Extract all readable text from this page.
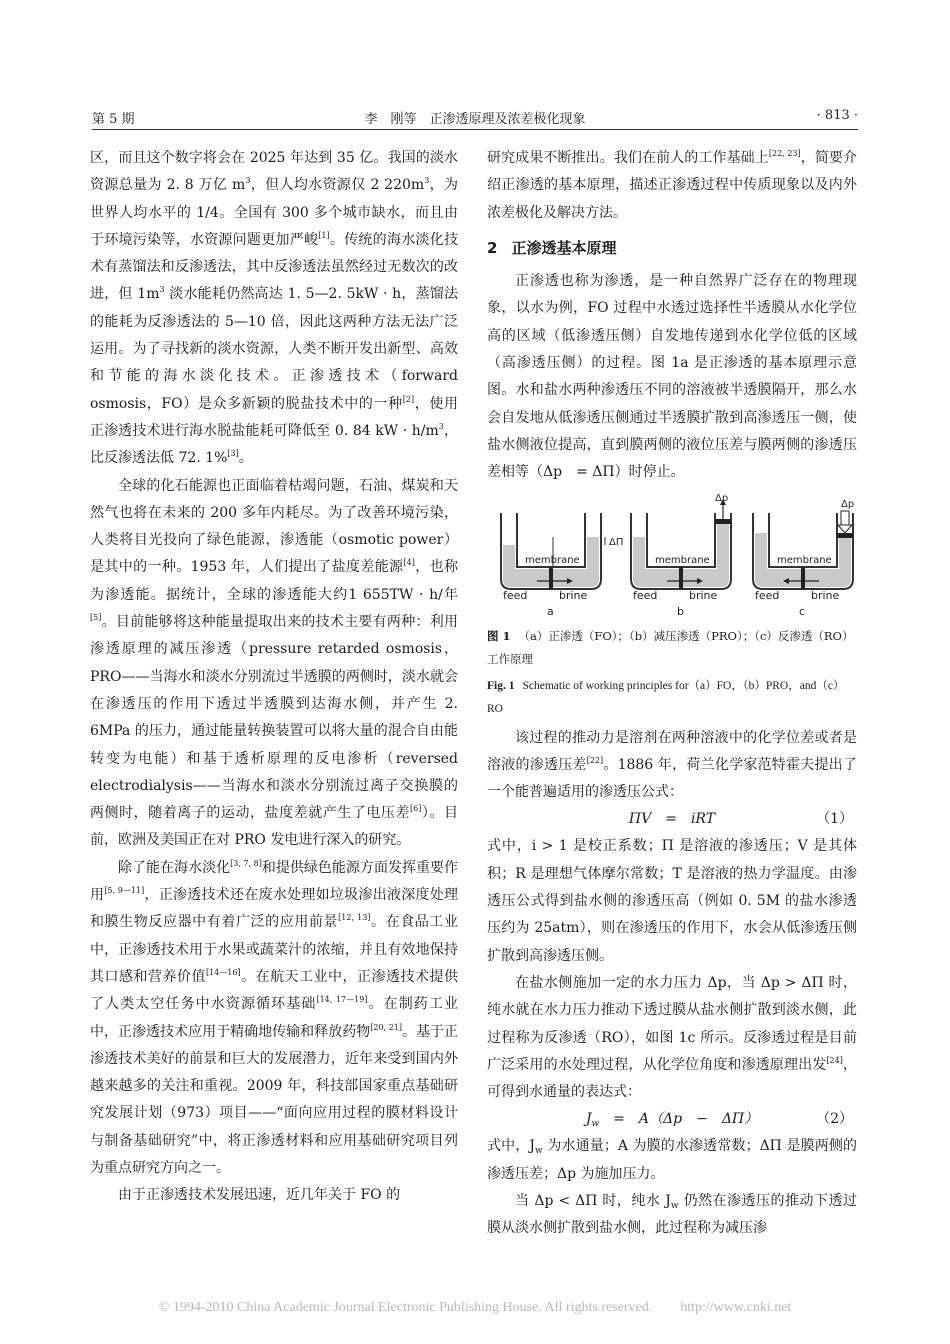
第 5 期	李　刚等　正渗透原理及浓差极化现象	· 813 ·

区，而且这个数字将会在 2025 年达到 35 亿。我国的淡水资源总量为 2. 8 万亿 $m^3$，但人均水资源仅 2 $220m^3$，为世界人均水平的 1/4。全国有 300 多个城市缺水，而且由于环境污染等，水资源问题更加严峻[1]。传统的海水淡化技术有蒸馏法和反渗透法，其中反渗透法虽然经过无数次的改进，但 $1m^3$ 淡水能耗仍然高达 1. 5—2. 5kW · h，蒸馏法的能耗为反渗透法的 5—10 倍，因此这两种方法无法广泛运用。为了寻找新的淡水资源，人类不断开发出新型、高效和节能的海水淡化技术。正渗透技术（forward osmosis，FO）是众多新颖的脱盐技术中的一种[2]，使用正渗透技术进行海水脱盐能耗可降低至 0. 84 kW · $h/m^3$，比反渗透法低 72. 1%[3]。

全球的化石能源也正面临着枯竭问题，石油、煤炭和天然气也将在未来的 200 多年内耗尽。为了改善环境污染，人类将目光投向了绿色能源，渗透能（osmotic power）是其中的一种。1953 年，人们提出了盐度差能源[4]，也称为渗透能。据统计，全球的渗透能大约1 655TW · h/年[5]。目前能够将这种能量提取出来的技术主要有两种：利用渗透原理的减压渗透（pressure retarded osmosis，PRO——当海水和淡水分别流过半透膜的两侧时，淡水就会在渗透压的作用下透过半透膜到达海水侧，并产生 2. 6MPa 的压力，通过能量转换装置可以将大量的混合自由能转变为电能）和基于透析原理的反电渗析（reversed electrodialysis——当海水和淡水分别流过离子交换膜的两侧时，随着离子的运动，盐度差就产生了电压差[6]）。目前，欧洲及美国正在对 PRO 发电进行深入的研究。

除了能在海水淡化[3, 7, 8]和提供绿色能源方面发挥重要作用[5, 9—11]，正渗透技术还在废水处理如垃圾渗出液深度处理和膜生物反应器中有着广泛的应用前景[12, 13]。在食品工业中，正渗透技术用于水果或蔬菜汁的浓缩，并且有效地保持其口感和营养价值[14—16]。在航天工业中，正渗透技术提供了人类太空任务中水资源循环基础[14, 17—19]。在制药工业中，正渗透技术应用于精确地传输和释放药物[20, 21]。基于正渗透技术美好的前景和巨大的发展潜力，近年来受到国内外越来越多的关注和重视。2009 年，科技部国家重点基础研究发展计划（973）项目——“面向应用过程的膜材料设计与制备基础研究”中，将正渗透材料和应用基础研究项目列为重点研究方向之一。

由于正渗透技术发展迅速，近几年关于 FO 的

研究成果不断推出。我们在前人的工作基础上[22, 23]，简要介绍正渗透的基本原理，描述正渗透过程中传质现象以及内外浓差极化及解决方法。

2 正渗透基本原理

正渗透也称为渗透，是一种自然界广泛存在的物理现象，以水为例，FO 过程中水透过选择性半透膜从水化学位高的区域（低渗透压侧）自发地传递到水化学位低的区域（高渗透压侧）的过程。图 1a 是正渗透的基本原理示意图。水和盐水两种渗透压不同的溶液被半透膜隔开，那么水会自发地从低渗透压侧通过半透膜扩散到高渗透压一侧，使盐水侧液位提高，直到膜两侧的液位压差与膜两侧的渗透压差相等（Δp　= ΔΠ）时停止。

membrane
feed	brine
ΔΠ
a
Δp
membrane
feed	brine
b
Δp
membrane
feed	brine
c
图 1 （a）正渗透（FO）；（b）减压渗透（PRO）；（c）反渗透（RO）工作原理
Fig. 1 Schematic of working principles for（a）FO，（b）PRO，and（c）RO

该过程的推动力是溶剂在两种溶液中的化学位差或者是溶液的渗透压差[22]。1886 年，荷兰化学家范特霍夫提出了一个能普遍适用的渗透压公式：

ΠV　=　iRT	（1）

式中，i > 1 是校正系数；Π 是溶液的渗透压；V 是其体积；R 是理想气体摩尔常数；T 是溶液的热力学温度。由渗透压公式得到盐水侧的渗透压高（例如 0. 5M 的盐水渗透压约为 25atm），则在渗透压的作用下，水会从低渗透压侧扩散到高渗透压侧。

在盐水侧施加一定的水力压力 Δp，当 Δp > ΔΠ 时，纯水就在水力压力推动下透过膜从盐水侧扩散到淡水侧，此过程称为反渗透（RO），如图 1c 所示。反渗透过程是目前广泛采用的水处理过程，从化学位角度和渗透原理出发[24]，可得到水通量的表达式：

$J_w$　=　A（Δp　−　ΔΠ）	（2）

式中，$J_w$ 为水通量；A 为膜的水渗透常数；ΔΠ 是膜两侧的渗透压差；Δp 为施加压力。

当 Δp < ΔΠ 时，纯水 $J_w$ 仍然在渗透压的推动下透过膜从淡水侧扩散到盐水侧，此过程称为减压渗

© 1994-2010 China Academic Journal Electronic Publishing House. All rights reserved.　　http://www.cnki.net
